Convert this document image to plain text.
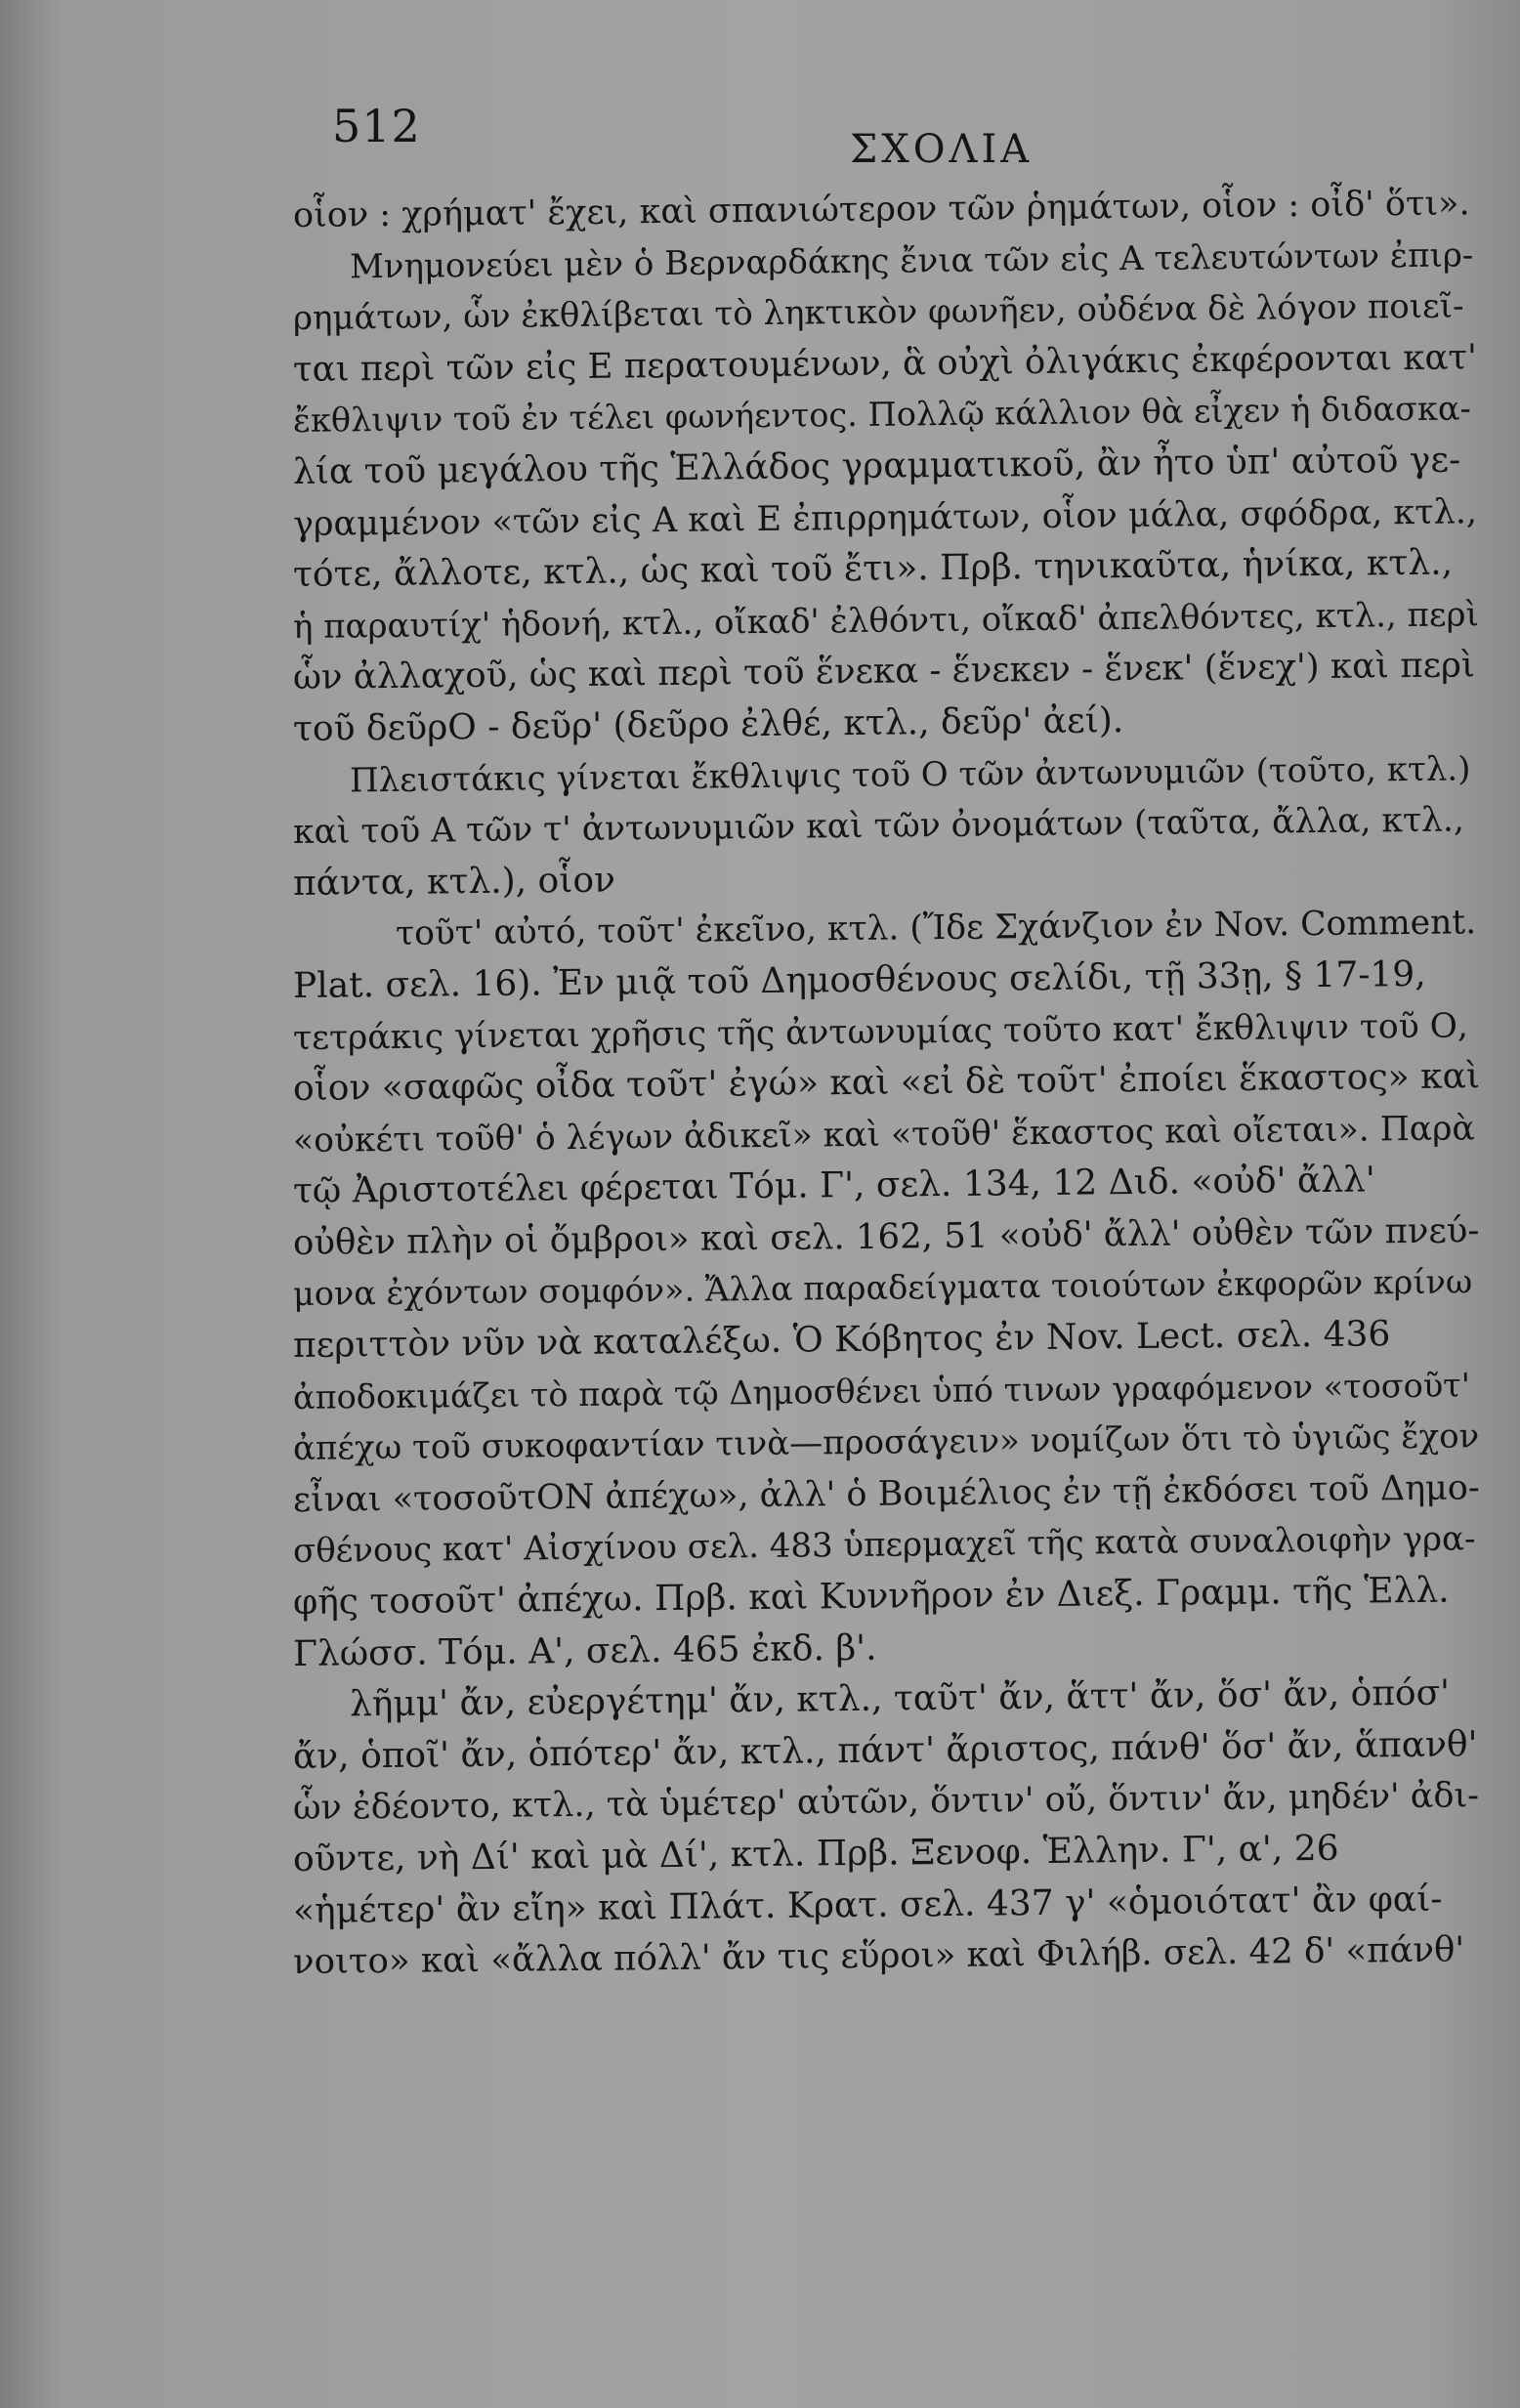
512	ΣΧΟΛΙΑ
οἷον : χρήματ' ἔχει, καὶ σπανιώτερον τῶν ῥημάτων, οἷον : οἶδ' ὅτι».
Μνημονεύει μὲν ὁ Βερναρδάκης ἔνια τῶν εἰς Α τελευτώντων ἐπιρ-
ρημάτων, ὧν ἐκθλίβεται τὸ ληκτικὸν φωνῆεν, οὐδένα δὲ λόγον ποιεῖ-
ται περὶ τῶν εἰς Ε περατουμένων, ἃ οὐχὶ ὀλιγάκις ἐκφέρονται κατ'
ἔκθλιψιν τοῦ ἐν τέλει φωνήεντος. Πολλῷ κάλλιον θὰ εἶχεν ἡ διδασκα-
λία τοῦ μεγάλου τῆς Ἑλλάδος γραμματικοῦ, ἂν ἦτο ὑπ' αὐτοῦ γε-
γραμμένον «τῶν εἰς Α καὶ Ε ἐπιρρημάτων, οἷον μάλα, σφόδρα, κτλ.,
τότε, ἄλλοτε, κτλ., ὡς καὶ τοῦ ἔτι». Πρβ. τηνικαῦτα, ἡνίκα, κτλ.,
ἡ παραυτίχ' ἡδονή, κτλ., οἴκαδ' ἐλθόντι, οἴκαδ' ἀπελθόντες, κτλ., περὶ
ὧν ἀλλαχοῦ, ὡς καὶ περὶ τοῦ ἕνεκα - ἕνεκεν - ἕνεκ' (ἕνεχ') καὶ περὶ
τοῦ δεῦρΟ - δεῦρ' (δεῦρο ἐλθέ, κτλ., δεῦρ' ἀεί).
Πλειστάκις γίνεται ἔκθλιψις τοῦ Ο τῶν ἀντωνυμιῶν (τοῦτο, κτλ.)
καὶ τοῦ Α τῶν τ' ἀντωνυμιῶν καὶ τῶν ὀνομάτων (ταῦτα, ἄλλα, κτλ.,
πάντα, κτλ.), οἷον
τοῦτ' αὐτό, τοῦτ' ἐκεῖνο, κτλ. (Ἴδε Σχάνζιον ἐν Nov. Comment.
Plat. σελ. 16). Ἐν μιᾷ τοῦ Δημοσθένους σελίδι, τῇ 33ῃ, § 17-19,
τετράκις γίνεται χρῆσις τῆς ἀντωνυμίας τοῦτο κατ' ἔκθλιψιν τοῦ Ο,
οἷον «σαφῶς οἶδα τοῦτ' ἐγώ» καὶ «εἰ δὲ τοῦτ' ἐποίει ἕκαστος» καὶ
«οὐκέτι τοῦθ' ὁ λέγων ἀδικεῖ» καὶ «τοῦθ' ἕκαστος καὶ οἴεται». Παρὰ
τῷ Ἀριστοτέλει φέρεται Τόμ. Γ', σελ. 134, 12 Διδ. «οὐδ' ἄλλ'
οὐθὲν πλὴν οἱ ὄμβροι» καὶ σελ. 162, 51 «οὐδ' ἄλλ' οὐθὲν τῶν πνεύ-
μονα ἐχόντων σομφόν». Ἄλλα παραδείγματα τοιούτων ἐκφορῶν κρίνω
περιττὸν νῦν νὰ καταλέξω. Ὁ Κόβητος ἐν Nov. Lect. σελ. 436
ἀποδοκιμάζει τὸ παρὰ τῷ Δημοσθένει ὑπό τινων γραφόμενον «τοσοῦτ'
ἀπέχω τοῦ συκοφαντίαν τινὰ—προσάγειν» νομίζων ὅτι τὸ ὑγιῶς ἔχον
εἶναι «τοσοῦτΟΝ ἀπέχω», ἀλλ' ὁ Βοιμέλιος ἐν τῇ ἐκδόσει τοῦ Δημο-
σθένους κατ' Αἰσχίνου σελ. 483 ὑπερμαχεῖ τῆς κατὰ συναλοιφὴν γρα-
φῆς τοσοῦτ' ἀπέχω. Πρβ. καὶ Κυννῆρον ἐν Διεξ. Γραμμ. τῆς Ἑλλ.
Γλώσσ. Τόμ. Α', σελ. 465 ἐκδ. β'.
λῆμμ' ἄν, εὐεργέτημ' ἄν, κτλ., ταῦτ' ἄν, ἅττ' ἄν, ὅσ' ἄν, ὁπόσ'
ἄν, ὁποῖ' ἄν, ὁπότερ' ἄν, κτλ., πάντ' ἄριστος, πάνθ' ὅσ' ἄν, ἅπανθ'
ὧν ἐδέοντο, κτλ., τὰ ὑμέτερ' αὐτῶν, ὅντιν' οὔ, ὅντιν' ἄν, μηδέν' ἀδι-
οῦντε, νὴ Δί' καὶ μὰ Δί', κτλ. Πρβ. Ξενοφ. Ἑλλην. Γ', α', 26
«ἡμέτερ' ἂν εἴη» καὶ Πλάτ. Κρατ. σελ. 437 γ' «ὁμοιότατ' ἂν φαί-
νοιτο» καὶ «ἄλλα πόλλ' ἄν τις εὕροι» καὶ Φιλήβ. σελ. 42 δ' «πάνθ'
